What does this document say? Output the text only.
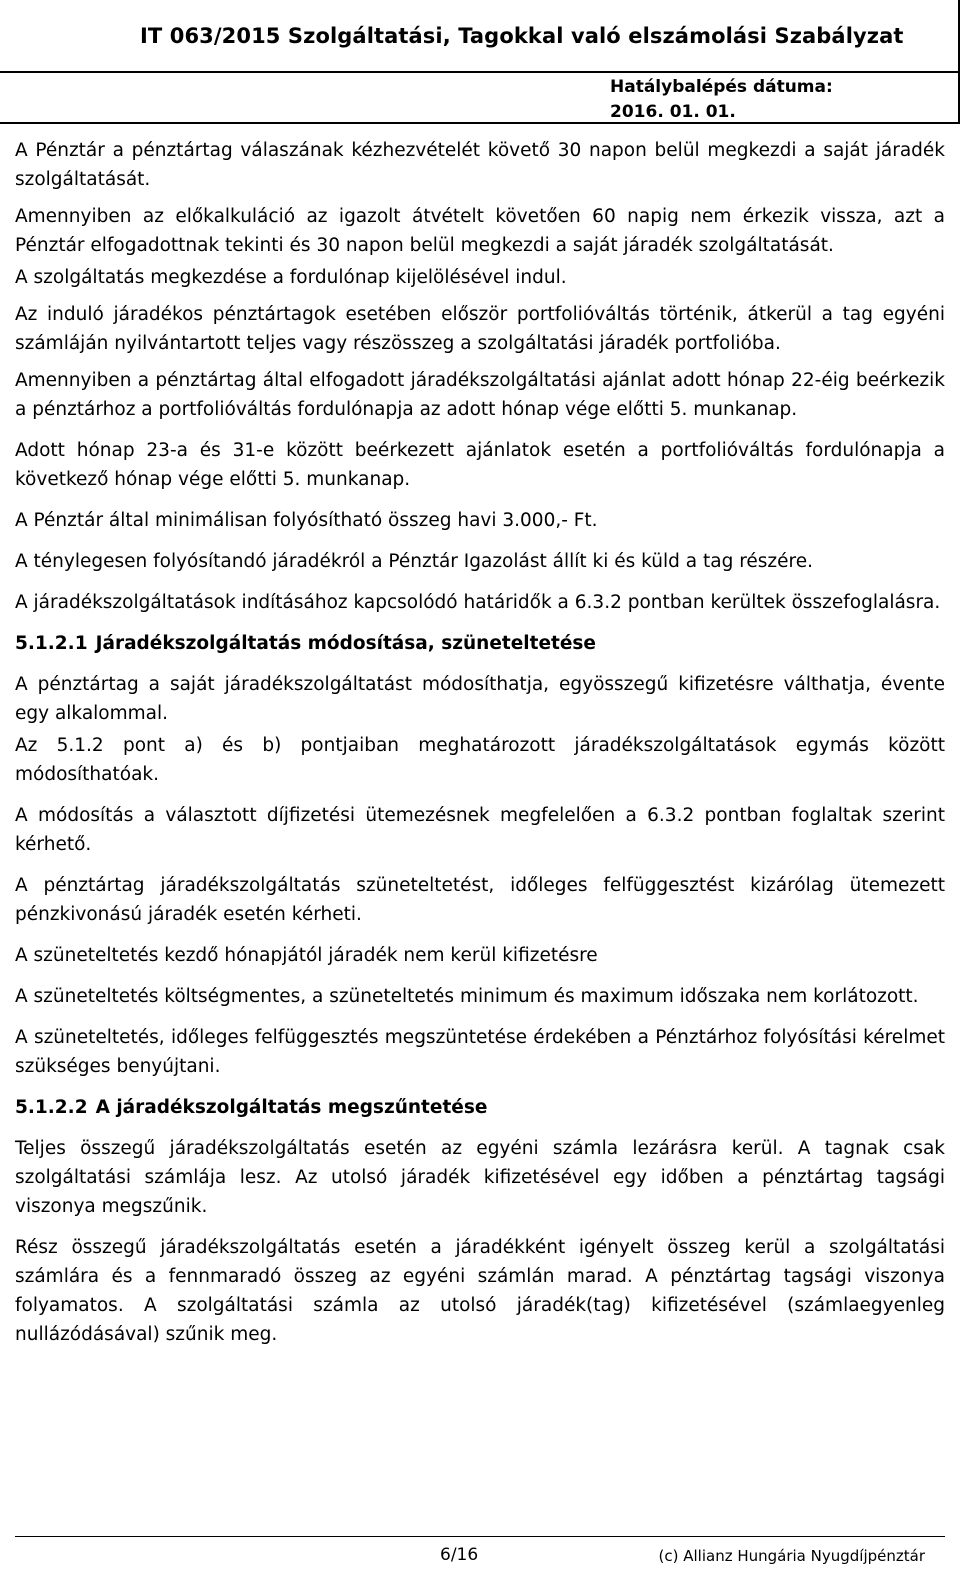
IT 063/2015 Szolgáltatási, Tagokkal való elszámolási Szabályzat
Hatálybalépés dátuma:
2016. 01. 01.

A Pénztár a pénztártag válaszának kézhezvételét követő 30 napon belül megkezdi a saját járadék szolgáltatását.

Amennyiben az előkalkuláció az igazolt átvételt követően 60 napig nem érkezik vissza, azt a Pénztár elfogadottnak tekinti és 30 napon belül megkezdi a saját járadék szolgáltatását.

A szolgáltatás megkezdése a fordulónap kijelölésével indul.

Az induló járadékos pénztártagok esetében először portfolióváltás történik, átkerül a tag egyéni számláján nyilvántartott teljes vagy részösszeg a szolgáltatási járadék portfolióba.

Amennyiben a pénztártag által elfogadott járadékszolgáltatási ajánlat adott hónap 22-éig beérkezik a pénztárhoz a portfolióváltás fordulónapja az adott hónap vége előtti 5. munkanap.

Adott hónap 23-a és 31-e között beérkezett ajánlatok esetén a portfolióváltás fordulónapja a következő hónap vége előtti 5. munkanap.

A Pénztár által minimálisan folyósítható összeg havi 3.000,- Ft.

A ténylegesen folyósítandó járadékról a Pénztár Igazolást állít ki és küld a tag részére.

A járadékszolgáltatások indításához kapcsolódó határidők a 6.3.2 pontban kerültek összefoglalásra.

5.1.2.1 Járadékszolgáltatás módosítása, szüneteltetése

A pénztártag a saját járadékszolgáltatást módosíthatja, egyösszegű kifizetésre válthatja, évente egy alkalommal.

Az 5.1.2 pont a) és b) pontjaiban meghatározott járadékszolgáltatások egymás között módosíthatóak.

A módosítás a választott díjfizetési ütemezésnek megfelelően a 6.3.2 pontban foglaltak szerint kérhető.

A pénztártag járadékszolgáltatás szüneteltetést, időleges felfüggesztést kizárólag ütemezett pénzkivonású járadék esetén kérheti.

A szüneteltetés kezdő hónapjától járadék nem kerül kifizetésre

A szüneteltetés költségmentes, a szüneteltetés minimum és maximum időszaka nem korlátozott.

A szüneteltetés, időleges felfüggesztés megszüntetése érdekében a Pénztárhoz folyósítási kérelmet szükséges benyújtani.

5.1.2.2 A járadékszolgáltatás megszűntetése

Teljes összegű járadékszolgáltatás esetén az egyéni számla lezárásra kerül. A tagnak csak szolgáltatási számlája lesz. Az utolsó járadék kifizetésével egy időben a pénztártag tagsági viszonya megszűnik.

Rész összegű járadékszolgáltatás esetén a járadékként igényelt összeg kerül a szolgáltatási számlára és a fennmaradó összeg az egyéni számlán marad. A pénztártag tagsági viszonya folyamatos. A szolgáltatási számla az utolsó járadék(tag) kifizetésével (számlaegyenleg nullázódásával) szűnik meg.

6/16	(c) Allianz Hungária Nyugdíjpénztár
